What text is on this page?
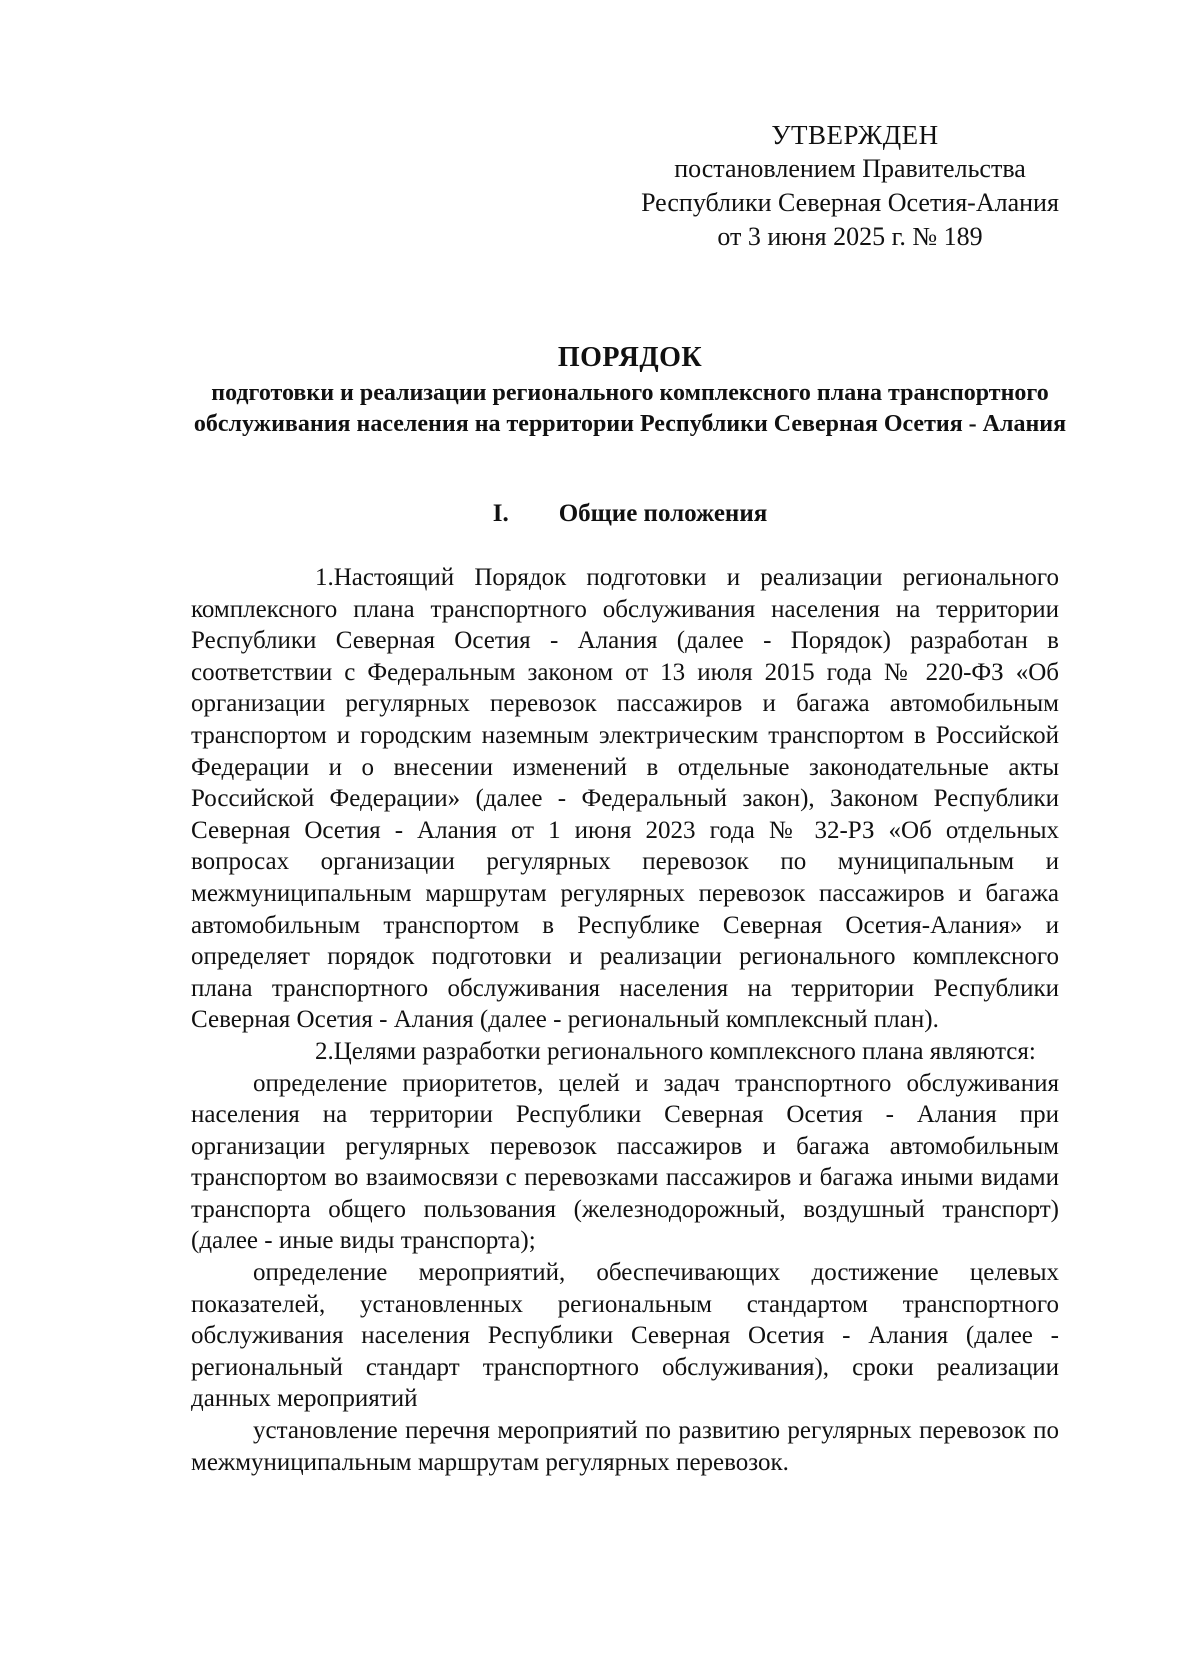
УТВЕРЖДЕН
постановлением Правительства
Республики Северная Осетия-Алания
от 3 июня 2025 г. № 189
ПОРЯДОК
подготовки и реализации регионального комплексного плана транспортного обслуживания населения на территории Республики Северная Осетия - Алания
I. Общие положения

1.Настоящий Порядок подготовки и реализации регионального комплексного плана транспортного обслуживания населения на территории Республики Северная Осетия - Алания (далее - Порядок) разработан в соответствии с Федеральным законом от 13 июля 2015 года № 220-ФЗ «Об организации регулярных перевозок пассажиров и багажа автомобильным транспортом и городским наземным электрическим транспортом в Российской Федерации и о внесении изменений в отдельные законодательные акты Российской Федерации» (далее - Федеральный закон), Законом Республики Северная Осетия - Алания от 1 июня 2023 года № 32-РЗ «Об отдельных вопросах организации регулярных перевозок по муниципальным и межмуниципальным маршрутам регулярных перевозок пассажиров и багажа автомобильным транспортом в Республике Северная Осетия-Алания» и определяет порядок подготовки и реализации регионального комплексного плана транспортного обслуживания населения на территории Республики Северная Осетия - Алания (далее - региональный комплексный план).

2.Целями разработки регионального комплексного плана являются:

определение приоритетов, целей и задач транспортного обслуживания населения на территории Республики Северная Осетия - Алания при организации регулярных перевозок пассажиров и багажа автомобильным транспортом во взаимосвязи с перевозками пассажиров и багажа иными видами транспорта общего пользования (железнодорожный, воздушный транспорт) (далее - иные виды транспорта);

определение мероприятий, обеспечивающих достижение целевых показателей, установленных региональным стандартом транспортного обслуживания населения Республики Северная Осетия - Алания (далее - региональный стандарт транспортного обслуживания), сроки реализации данных мероприятий

установление перечня мероприятий по развитию регулярных перевозок по межмуниципальным маршрутам регулярных перевозок.
